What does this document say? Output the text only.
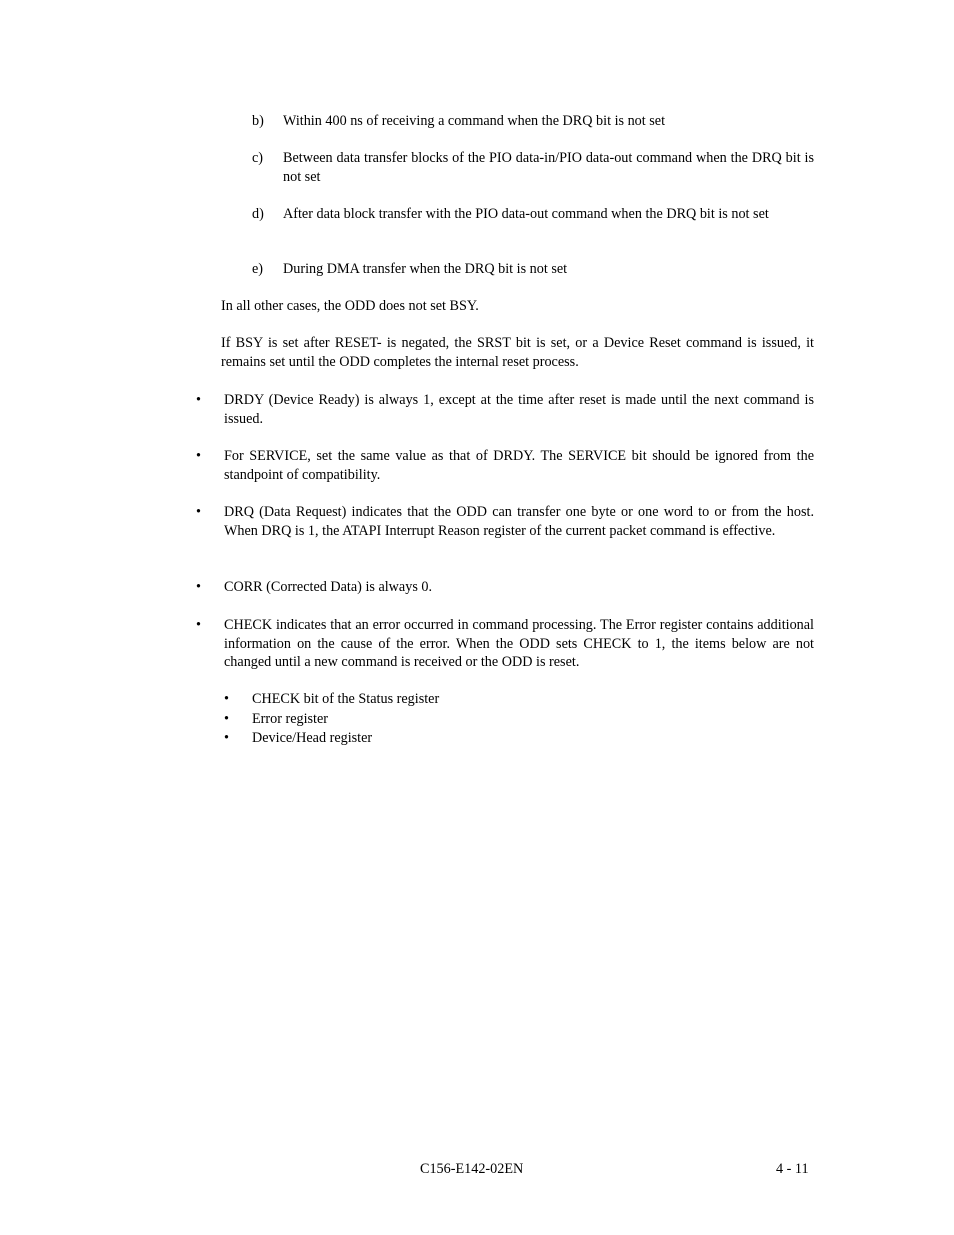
b) Within 400 ns of receiving a command when the DRQ bit is not set
c) Between data transfer blocks of the PIO data-in/PIO data-out command when the DRQ bit is not set
d) After data block transfer with the PIO data-out command when the DRQ bit is not set
e) During DMA transfer when the DRQ bit is not set
In all other cases, the ODD does not set BSY.
If BSY is set after RESET- is negated, the SRST bit is set, or a Device Reset command is issued, it remains set until the ODD completes the internal reset process.
• DRDY (Device Ready) is always 1, except at the time after reset is made until the next command is issued.
• For SERVICE, set the same value as that of DRDY. The SERVICE bit should be ignored from the standpoint of compatibility.
• DRQ (Data Request) indicates that the ODD can transfer one byte or one word to or from the host. When DRQ is 1, the ATAPI Interrupt Reason register of the current packet command is effective.
• CORR (Corrected Data) is always 0.
• CHECK indicates that an error occurred in command processing. The Error register contains additional information on the cause of the error. When the ODD sets CHECK to 1, the items below are not changed until a new command is received or the ODD is reset.
• CHECK bit of the Status register
• Error register
• Device/Head register
C156-E142-02EN	4 - 11
